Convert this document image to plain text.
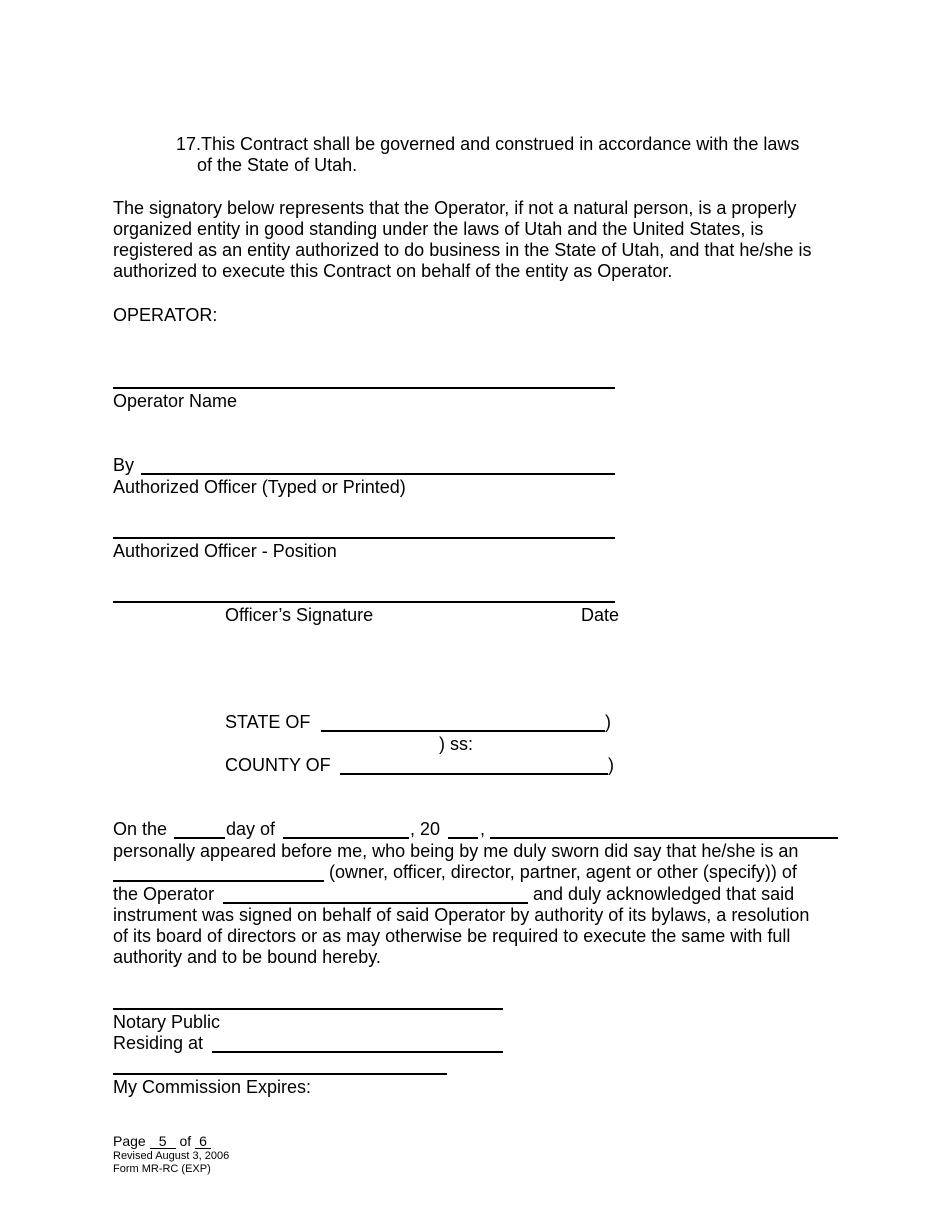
17. This Contract shall be governed and construed in accordance with the laws
of the State of Utah.
The signatory below represents that the Operator, if not a natural person, is a properly
organized entity in good standing under the laws of Utah and the United States, is
registered as an entity authorized to do business in the State of Utah, and that he/she is
authorized to execute this Contract on behalf of the entity as Operator.
OPERATOR:
Operator Name
By
Authorized Officer (Typed or Printed)
Authorized Officer - Position
Officer’s Signature	Date
STATE OF	)
) ss:
COUNTY OF	)
On the	day of	, 20 ,
personally appeared before me, who being by me duly sworn did say that he/she is an
(owner, officer, director, partner, agent or other (specify)) of
the Operator	and duly acknowledged that said
instrument was signed on behalf of said Operator by authority of its bylaws, a resolution
of its board of directors or as may otherwise be required to execute the same with full
authority and to be bound hereby.
Notary Public
Residing at
My Commission Expires:
Page 5 of 6
Revised August 3, 2006
Form MR-RC (EXP)
